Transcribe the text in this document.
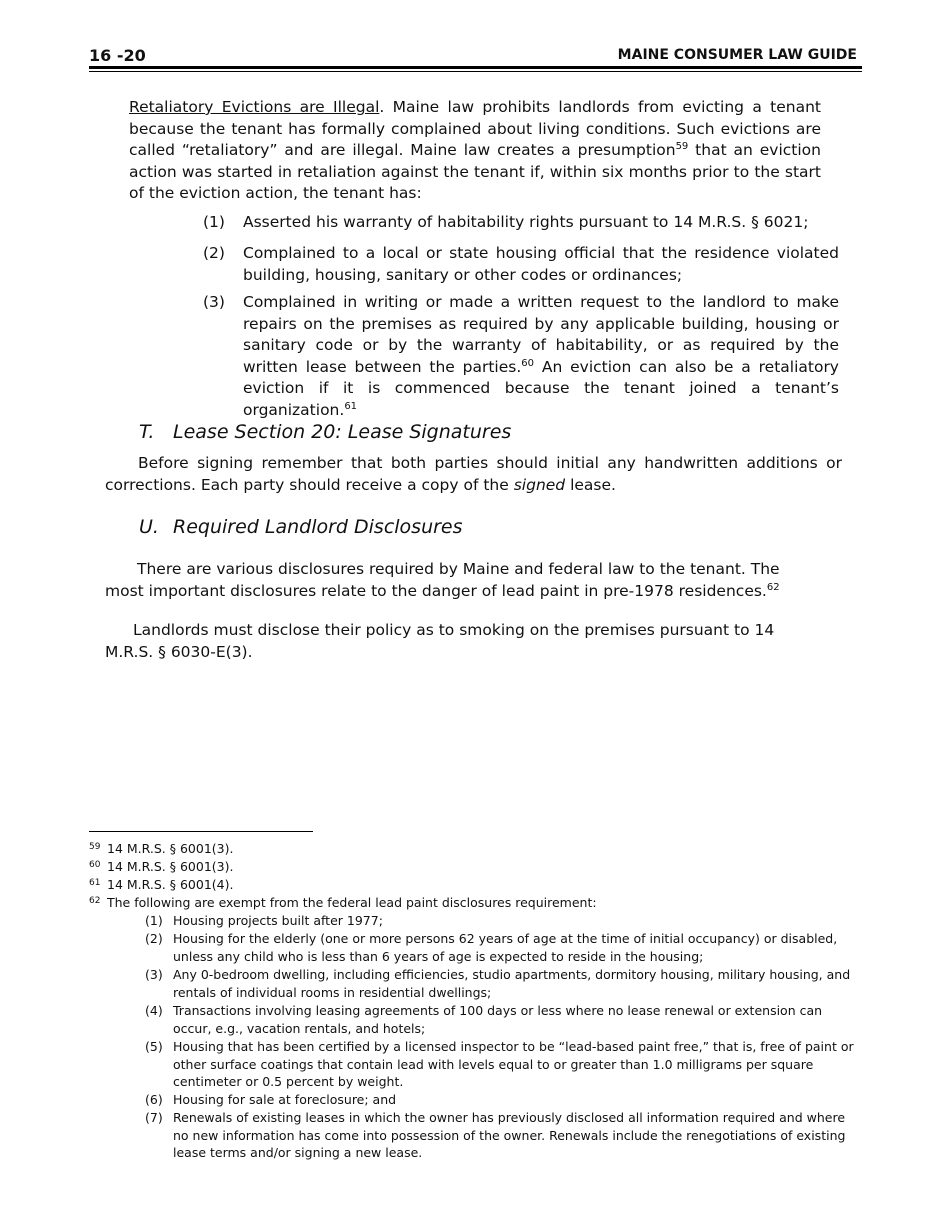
16 -20	MAINE CONSUMER LAW GUIDE

Retaliatory Evictions are Illegal. Maine law prohibits landlords from evicting a tenant because the tenant has formally complained about living conditions. Such evictions are called “retaliatory” and are illegal. Maine law creates a presumption$^{59}$ that an eviction action was started in retaliation against the tenant if, within six months prior to the start of the eviction action, the tenant has:

(1) Asserted his warranty of habitability rights pursuant to 14 M.R.S. § 6021;
(2) Complained to a local or state housing official that the residence violated building, housing, sanitary or other codes or ordinances;
(3) Complained in writing or made a written request to the landlord to make repairs on the premises as required by any applicable building, housing or sanitary code or by the warranty of habitability, or as required by the written lease between the parties.$^{60}$ An eviction can also be a retaliatory eviction if it is commenced because the tenant joined a tenant’s organization.$^{61}$
T. Lease Section 20: Lease Signatures

Before signing remember that both parties should initial any handwritten additions or corrections. Each party should receive a copy of the signed lease.

U. Required Landlord Disclosures

There are various disclosures required by Maine and federal law to the tenant. The most important disclosures relate to the danger of lead paint in pre-1978 residences.$^{62}$

Landlords must disclose their policy as to smoking on the premises pursuant to 14 M.R.S. § 6030-E(3).

59 14 M.R.S. § 6001(3).
60 14 M.R.S. § 6001(3).
61 14 M.R.S. § 6001(4).
62 The following are exempt from the federal lead paint disclosures requirement:
(1) Housing projects built after 1977;
(2) Housing for the elderly (one or more persons 62 years of age at the time of initial occupancy) or disabled, unless any child who is less than 6 years of age is expected to reside in the housing;
(3) Any 0-bedroom dwelling, including efficiencies, studio apartments, dormitory housing, military housing, and rentals of individual rooms in residential dwellings;
(4) Transactions involving leasing agreements of 100 days or less where no lease renewal or extension can occur, e.g., vacation rentals, and hotels;
(5) Housing that has been certified by a licensed inspector to be “lead-based paint free,” that is, free of paint or other surface coatings that contain lead with levels equal to or greater than 1.0 milligrams per square centimeter or 0.5 percent by weight.
(6) Housing for sale at foreclosure; and
(7) Renewals of existing leases in which the owner has previously disclosed all information required and where no new information has come into possession of the owner. Renewals include the renegotiations of existing lease terms and/or signing a new lease.
